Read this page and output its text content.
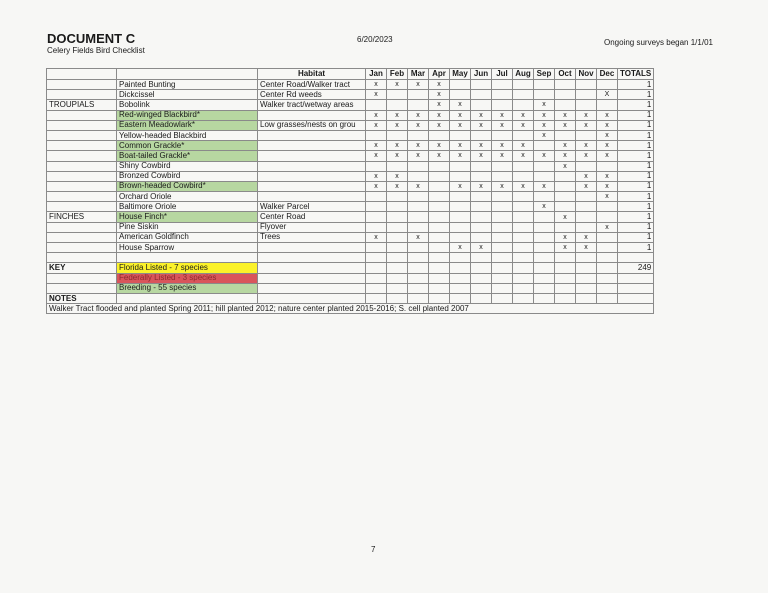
DOCUMENT C
Celery Fields Bird Checklist
6/20/2023	Ongoing surveys began 1/1/01
		Habitat	Jan	Feb	Mar	Apr	May	Jun	Jul	Aug	Sep	Oct	Nov	Dec	TOTALS
	Painted Bunting	Center Road/Walker tract	x	x	x	x									1
	Dickcissel	Center Rd weeds	x			x								X	1
TROUPIALS	Bobolink	Walker tract/wetway areas				x	x				x				1
	Red-winged Blackbird*		x	x	x	x	x	x	x	x	x	x	x	x	1
	Eastern Meadowlark*	Low grasses/nests on grou	x	x	x	x	x	x	x	x	x	x	x	x	1
	Yellow-headed Blackbird										x			x	1
	Common Grackle*		x	x	x	x	x	x	x	x		x	x	x	1
	Boat-tailed Grackle*		x	x	x	x	x	x	x	x	x	x	x	x	1
	Shiny Cowbird											x			1
	Bronzed Cowbird		x	x									x	x	1
	Brown-headed Cowbird*		x	x	x		x	x	x	x	x		x	x	1
	Orchard Oriole													x	1
	Baltimore Oriole	Walker Parcel									x				1
FINCHES	House Finch*	Center Road										x			1
	Pine Siskin	Flyover												x	1
	American Goldfinch	Trees	x		x							x	x		1
	House Sparrow						x	x				x	x		1

KEY	Florida Listed - 7 species														249
	Federally Listed - 3 species														
	Breeding - 55 species														
NOTES															
Walker Tract flooded and planted Spring 2011; hill planted 2012; nature center planted 2015-2016; S. cell planted 2007															
7
